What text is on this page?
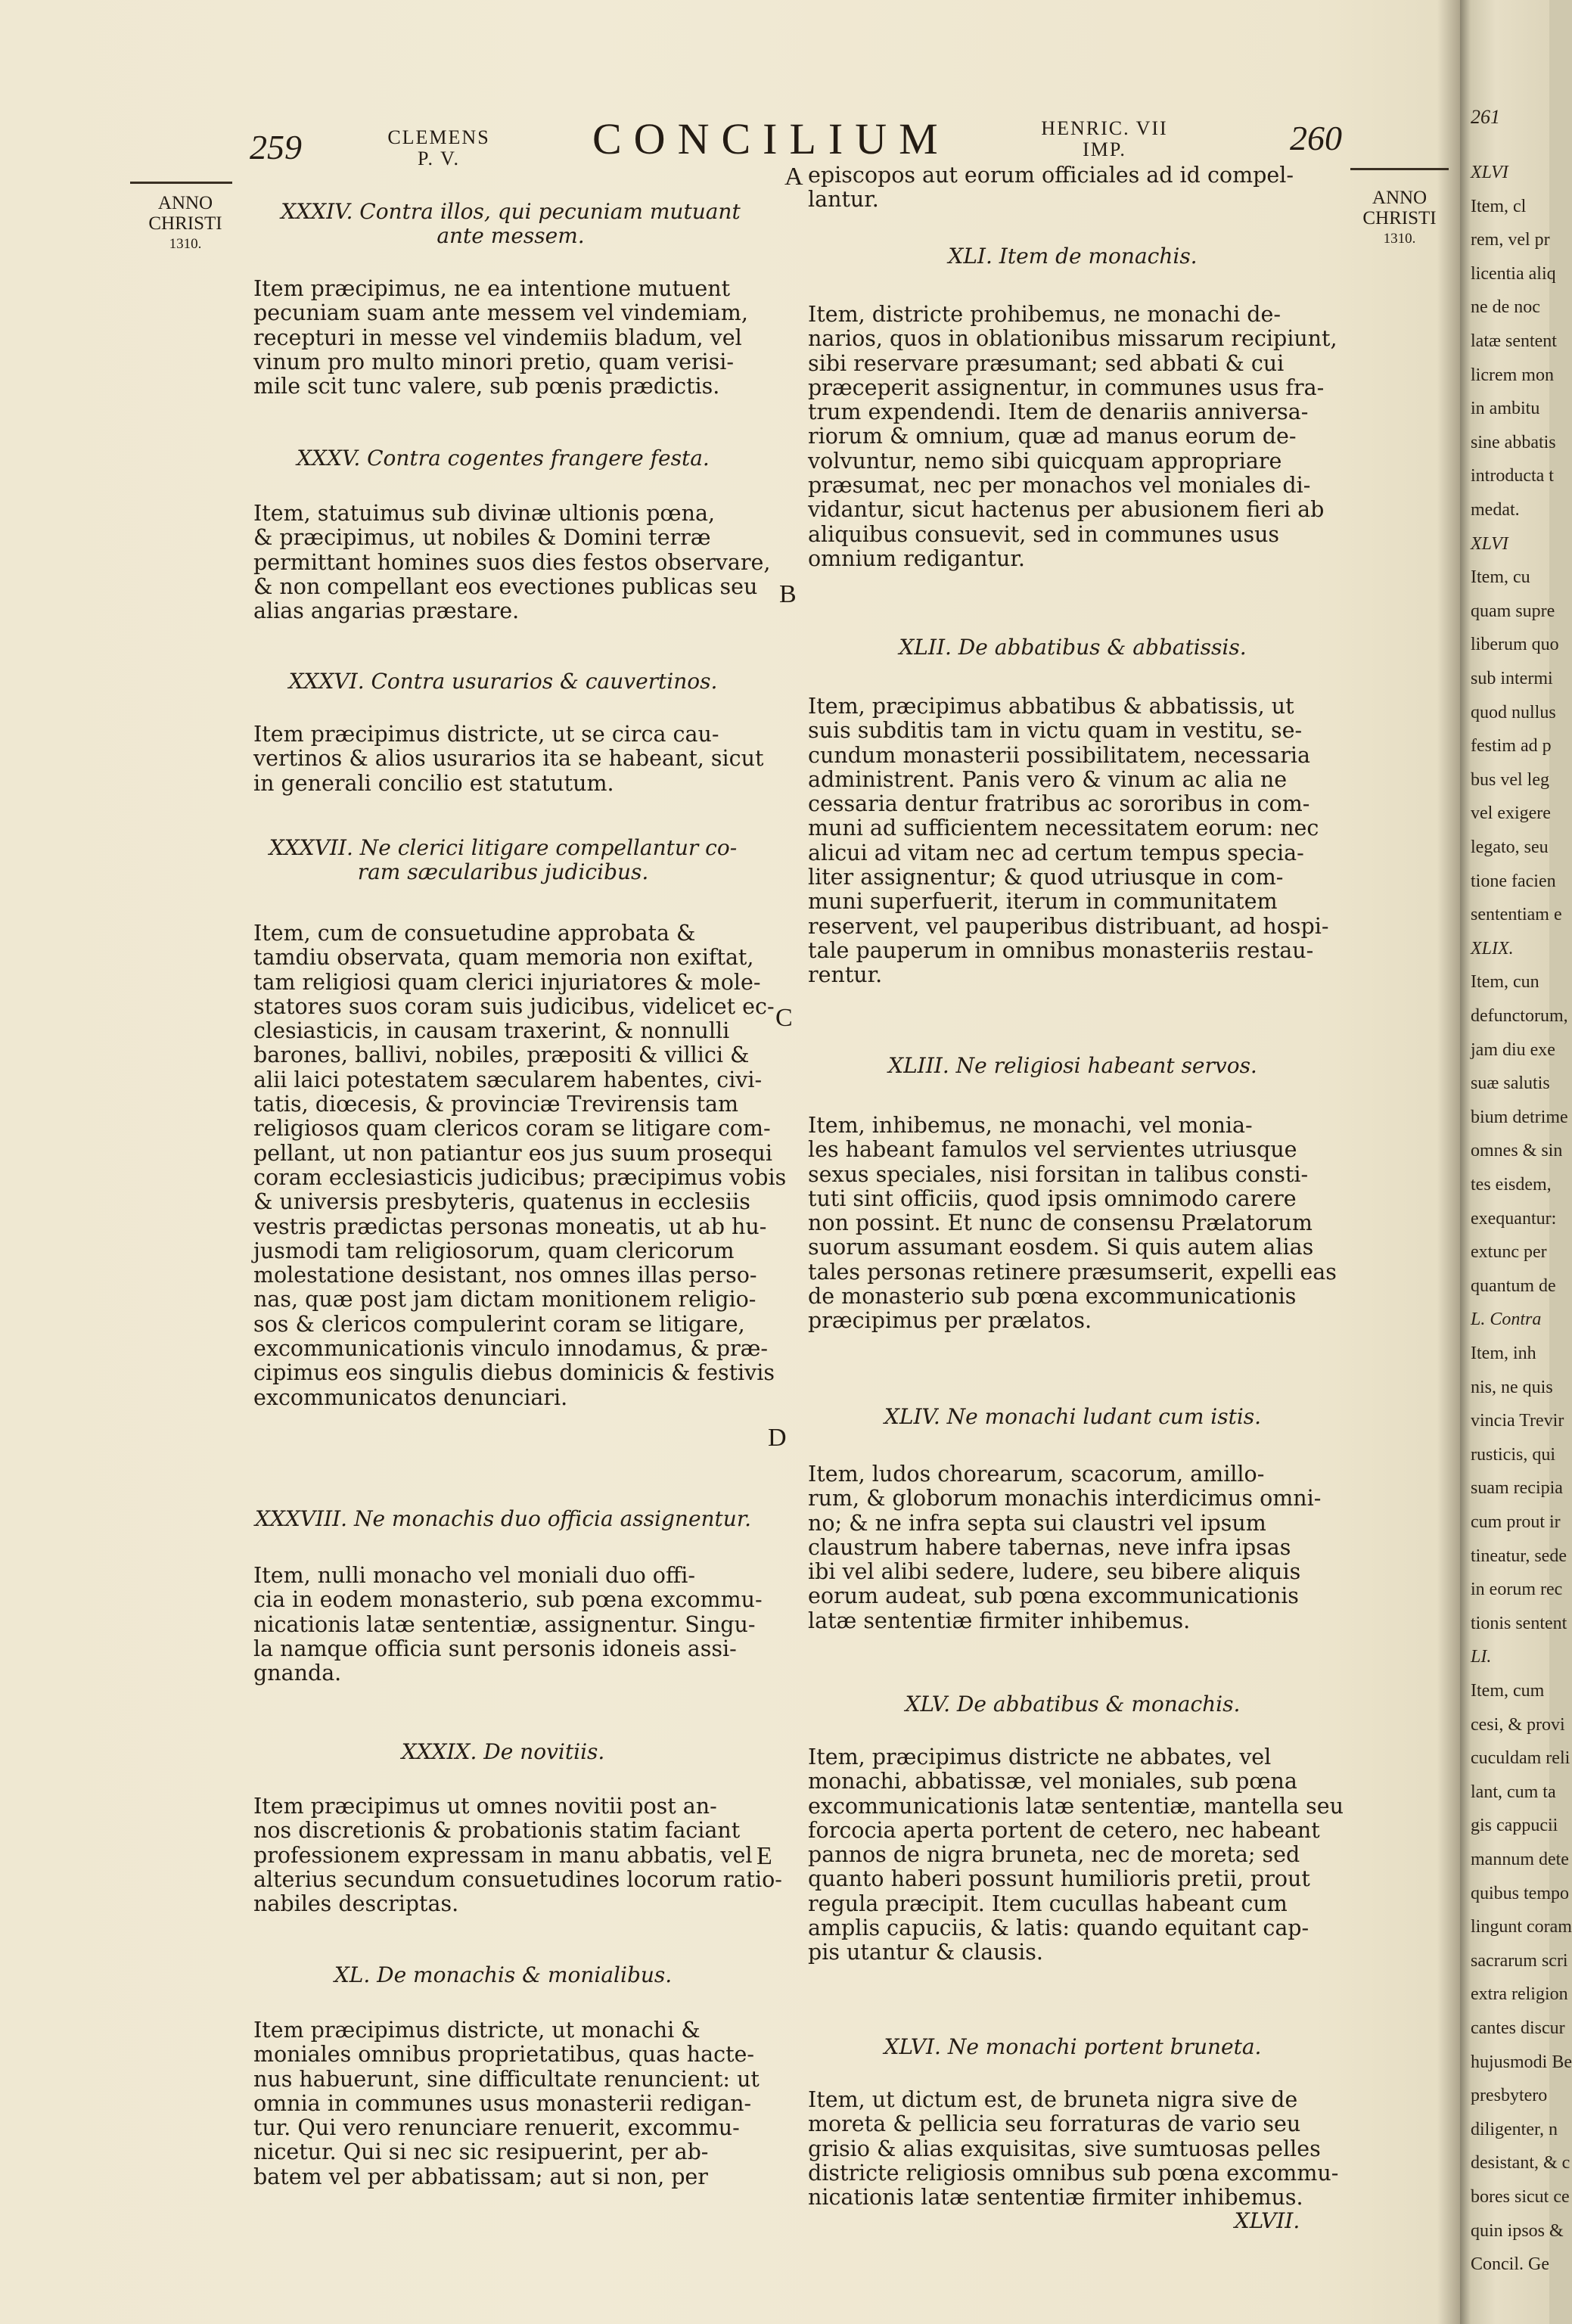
259	CLEMENS
P. V.	CONCILIUM	HENRIC. VII
IMP.	260
ANNO
CHRISTI
1310.
ANNO
CHRISTI
1310.
XXXIV. Contra illos, qui pecuniam mutuant
ante messem.
Item præcipimus, ne ea intentione mutuent
pecuniam suam ante messem vel vindemiam,
recepturi in messe vel vindemiis bladum, vel
vinum pro multo minori pretio, quam verisi-
mile scit tunc valere, sub pœnis prædictis.
XXXV. Contra cogentes frangere festa.
Item, statuimus sub divinæ ultionis pœna,
& præcipimus, ut nobiles & Domini terræ
permittant homines suos dies festos observare,
& non compellant eos evectiones publicas seu
alias angarias præstare.
XXXVI. Contra usurarios & cauvertinos.
Item præcipimus districte, ut se circa cau-
vertinos & alios usurarios ita se habeant, sicut
in generali concilio est statutum.
XXXVII. Ne clerici litigare compellantur co-
ram sæcularibus judicibus.
Item, cum de consuetudine approbata &
tamdiu observata, quam memoria non exiftat,
tam religiosi quam clerici injuriatores & mole-
statores suos coram suis judicibus, videlicet ec-
clesiasticis, in causam traxerint, & nonnulli
barones, ballivi, nobiles, præpositi & villici &
alii laici potestatem sæcularem habentes, civi-
tatis, diœcesis, & provinciæ Trevirensis tam
religiosos quam clericos coram se litigare com-
pellant, ut non patiantur eos jus suum prosequi
coram ecclesiasticis judicibus; præcipimus vobis
& universis presbyteris, quatenus in ecclesiis
vestris prædictas personas moneatis, ut ab hu-
jusmodi tam religiosorum, quam clericorum
molestatione desistant, nos omnes illas perso-
nas, quæ post jam dictam monitionem religio-
sos & clericos compulerint coram se litigare,
excommunicationis vinculo innodamus, & præ-
cipimus eos singulis diebus dominicis & festivis
excommunicatos denunciari.
XXXVIII. Ne monachis duo officia assignentur.
Item, nulli monacho vel moniali duo offi-
cia in eodem monasterio, sub pœna excommu-
nicationis latæ sententiæ, assignentur. Singu-
la namque officia sunt personis idoneis assi-
gnanda.
XXXIX. De novitiis.
Item præcipimus ut omnes novitii post an-
nos discretionis & probationis statim faciant
professionem expressam in manu abbatis, vel
alterius secundum consuetudines locorum ratio-
nabiles descriptas.
XL. De monachis & monialibus.
Item præcipimus districte, ut monachi &
moniales omnibus proprietatibus, quas hacte-
nus habuerunt, sine difficultate renuncient: ut
omnia in communes usus monasterii redigan-
tur. Qui vero renunciare renuerit, excommu-
nicetur. Qui si nec sic resipuerint, per ab-
batem vel per abbatissam; aut si non, per
A
B
C
D
E
episcopos aut eorum officiales ad id compel-
lantur.
XLI. Item de monachis.
Item, districte prohibemus, ne monachi de-
narios, quos in oblationibus missarum recipiunt,
sibi reservare præsumant; sed abbati & cui
præceperit assignentur, in communes usus fra-
trum expendendi. Item de denariis anniversa-
riorum & omnium, quæ ad manus eorum de-
volvuntur, nemo sibi quicquam appropriare
præsumat, nec per monachos vel moniales di-
vidantur, sicut hactenus per abusionem fieri ab
aliquibus consuevit, sed in communes usus
omnium redigantur.
XLII. De abbatibus & abbatissis.
Item, præcipimus abbatibus & abbatissis, ut
suis subditis tam in victu quam in vestitu, se-
cundum monasterii possibilitatem, necessaria
administrent. Panis vero & vinum ac alia ne
cessaria dentur fratribus ac sororibus in com-
muni ad sufficientem necessitatem eorum: nec
alicui ad vitam nec ad certum tempus specia-
liter assignentur; & quod utriusque in com-
muni superfuerit, iterum in communitatem
reservent, vel pauperibus distribuant, ad hospi-
tale pauperum in omnibus monasteriis restau-
rentur.
XLIII. Ne religiosi habeant servos.
Item, inhibemus, ne monachi, vel monia-
les habeant famulos vel servientes utriusque
sexus speciales, nisi forsitan in talibus consti-
tuti sint officiis, quod ipsis omnimodo carere
non possint. Et nunc de consensu Prælatorum
suorum assumant eosdem. Si quis autem alias
tales personas retinere præsumserit, expelli eas
de monasterio sub pœna excommunicationis
præcipimus per prælatos.
XLIV. Ne monachi ludant cum istis.
Item, ludos chorearum, scacorum, amillo-
rum, & globorum monachis interdicimus omni-
no; & ne infra septa sui claustri vel ipsum
claustrum habere tabernas, neve infra ipsas
ibi vel alibi sedere, ludere, seu bibere aliquis
eorum audeat, sub pœna excommunicationis
latæ sententiæ firmiter inhibemus.
XLV. De abbatibus & monachis.
Item, præcipimus districte ne abbates, vel
monachi, abbatissæ, vel moniales, sub pœna
excommunicationis latæ sententiæ, mantella seu
forcocia aperta portent de cetero, nec habeant
pannos de nigra bruneta, nec de moreta; sed
quanto haberi possunt humilioris pretii, prout
regula præcipit. Item cucullas habeant cum
amplis capuciis, & latis: quando equitant cap-
pis utantur & clausis.
XLVI. Ne monachi portent bruneta.
Item, ut dictum est, de bruneta nigra sive de
moreta & pellicia seu forraturas de vario seu
grisio & alias exquisitas, sive sumtuosas pelles
districte religiosis omnibus sub pœna excommu-
nicationis latæ sententiæ firmiter inhibemus.
XLVII.
261
XLVI
Item, cl
rem, vel pr
licentia aliq
ne de noc
latæ sentent
licrem mon
in ambitu
sine abbatis
introducta t
medat.
XLVI
Item, cu
quam supre
liberum quo
sub intermi
quod nullus
festim ad p
bus vel leg
vel exigere
legato, seu
tione facien
sententiam e
XLIX.
Item, cun
defunctorum,
jam diu exe
suæ salutis
bium detrime
omnes & sin
tes eisdem,
exequantur:
extunc per
quantum de
L. Contra
Item, inh
nis, ne quis
vincia Trevir
rusticis, qui
suam recipia
cum prout ir
tineatur, sede
in eorum rec
tionis sentent
LI.
Item, cum
cesi, & provi
cuculdam reli
lant, cum ta
gis cappucii
mannum dete
quibus tempo
lingunt coram
sacrarum scri
extra religion
cantes discur
hujusmodi Be
presbytero
diligenter, n
desistant, & c
bores sicut ce
quin ipsos &
Concil. Ge
